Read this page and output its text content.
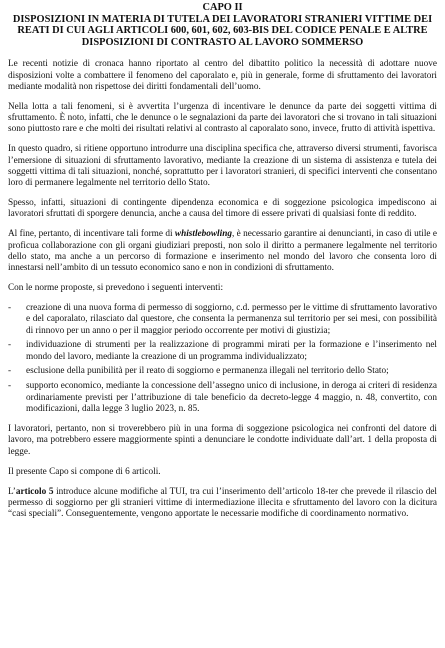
CAPO II
DISPOSIZIONI IN MATERIA DI TUTELA DEI LAVORATORI STRANIERI VITTIME DEI REATI DI CUI AGLI ARTICOLI 600, 601, 602, 603-BIS DEL CODICE PENALE E ALTRE DISPOSIZIONI DI CONTRASTO AL LAVORO SOMMERSO

Le recenti notizie di cronaca hanno riportato al centro del dibattito politico la necessità di adottare nuove disposizioni volte a combattere il fenomeno del caporalato e, più in generale, forme di sfruttamento dei lavoratori mediante modalità non rispettose dei diritti fondamentali dell’uomo.

Nella lotta a tali fenomeni, si è avvertita l’urgenza di incentivare le denunce da parte dei soggetti vittima di sfruttamento. È noto, infatti, che le denunce o le segnalazioni da parte dei lavoratori che si trovano in tali situazioni sono piuttosto rare e che molti dei risultati relativi al contrasto al caporalato sono, invece, frutto di attività ispettiva.

In questo quadro, si ritiene opportuno introdurre una disciplina specifica che, attraverso diversi strumenti, favorisca l’emersione di situazioni di sfruttamento lavorativo, mediante la creazione di un sistema di assistenza e tutela dei soggetti vittima di tali situazioni, nonché, soprattutto per i lavoratori stranieri, di specifici interventi che consentano loro di permanere legalmente nel territorio dello Stato.

Spesso, infatti, situazioni di contingente dipendenza economica e di soggezione psicologica impediscono ai lavoratori sfruttati di sporgere denuncia, anche a causa del timore di essere privati di qualsiasi fonte di reddito.

Al fine, pertanto, di incentivare tali forme di whistlebowling, è necessario garantire ai denuncianti, in caso di utile e proficua collaborazione con gli organi giudiziari preposti, non solo il diritto a permanere legalmente nel territorio dello stato, ma anche a un percorso di formazione e inserimento nel mondo del lavoro che consenta loro di innestarsi nell’ambito di un tessuto economico sano e non in condizioni di sfruttamento.

Con le norme proposte, si prevedono i seguenti interventi:

- creazione di una nuova forma di permesso di soggiorno, c.d. permesso per le vittime di sfruttamento lavorativo e del caporalato, rilasciato dal questore, che consenta la permanenza sul territorio per sei mesi, con possibilità di rinnovo per un anno o per il maggior periodo occorrente per motivi di giustizia;
- individuazione di strumenti per la realizzazione di programmi mirati per la formazione e l’inserimento nel mondo del lavoro, mediante la creazione di un programma individualizzato;
- esclusione della punibilità per il reato di soggiorno e permanenza illegali nel territorio dello Stato;
- supporto economico, mediante la concessione dell’assegno unico di inclusione, in deroga ai criteri di residenza ordinariamente previsti per l’attribuzione di tale beneficio da decreto-legge 4 maggio, n. 48, convertito, con modificazioni, dalla legge 3 luglio 2023, n. 85.

I lavoratori, pertanto, non si troverebbero più in una forma di soggezione psicologica nei confronti del datore di lavoro, ma potrebbero essere maggiormente spinti a denunciare le condotte individuate dall’art. 1 della proposta di legge.

Il presente Capo si compone di 6 articoli.

L’articolo 5 introduce alcune modifiche al TUI, tra cui l’inserimento dell’articolo 18-ter che prevede il rilascio del permesso di soggiorno per gli stranieri vittime di intermediazione illecita e sfruttamento del lavoro con la dicitura “casi speciali”. Conseguentemente, vengono apportate le necessarie modifiche di coordinamento normativo.
